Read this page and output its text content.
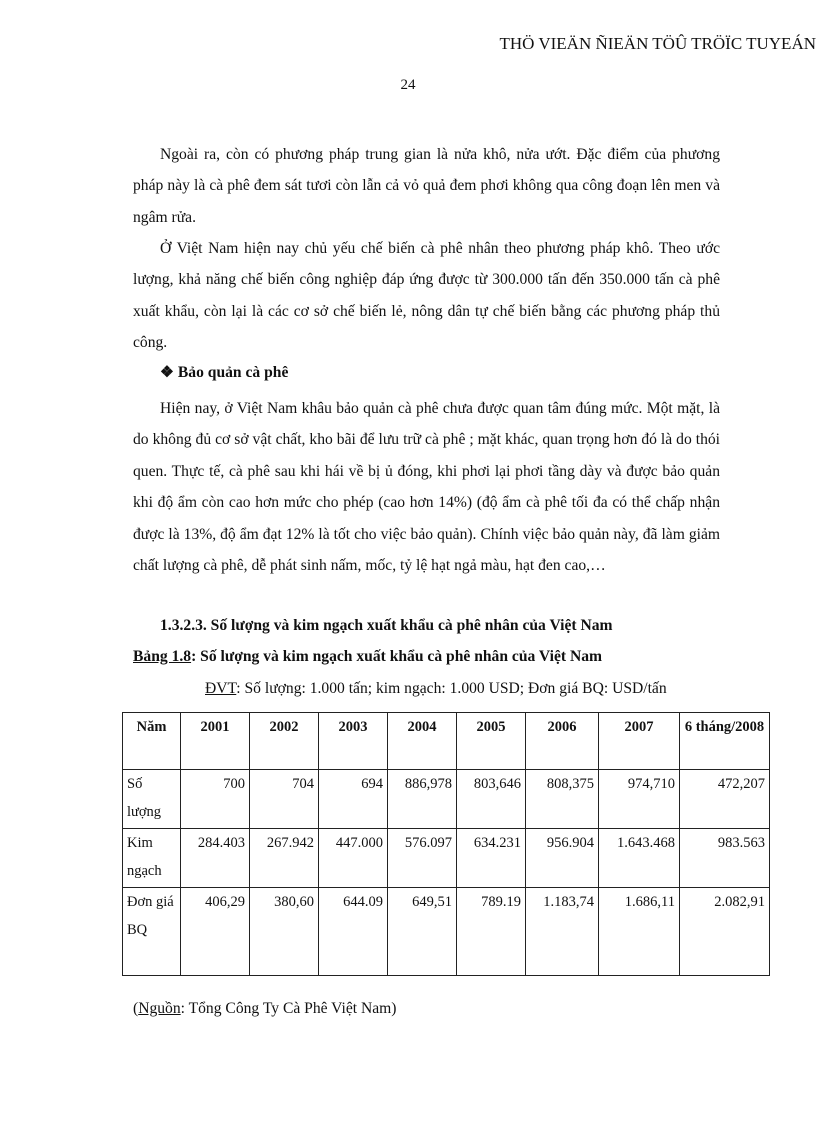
THÖ VIEÄN ÑIEÄN TÖÛ TRÖÏC TUYEÁN
24

Ngoài ra, còn có phương pháp trung gian là nửa khô, nửa ướt. Đặc điểm của phương pháp này là cà phê đem sát tươi còn lẫn cả vỏ quả đem phơi không qua công đoạn lên men và ngâm rửa.

Ở Việt Nam hiện nay chủ yếu chế biến cà phê nhân theo phương pháp khô. Theo ước lượng, khả năng chế biến công nghiệp đáp ứng được từ 300.000 tấn đến 350.000 tấn cà phê xuất khẩu, còn lại là các cơ sở chế biến lẻ, nông dân tự chế biến bằng các phương pháp thủ công.

❖ Bảo quản cà phê

Hiện nay, ở Việt Nam khâu bảo quản cà phê chưa được quan tâm đúng mức. Một mặt, là do không đủ cơ sở vật chất, kho bãi để lưu trữ cà phê ; mặt khác, quan trọng hơn đó là do thói quen. Thực tế, cà phê sau khi hái về bị ủ đóng, khi phơi lại phơi tầng dày và được bảo quản khi độ ẩm còn cao hơn mức cho phép (cao hơn 14%) (độ ẩm cà phê tối đa có thể chấp nhận được là 13%, độ ẩm đạt 12% là tốt cho việc bảo quản). Chính việc bảo quản này, đã làm giảm chất lượng cà phê, dễ phát sinh nấm, mốc, tỷ lệ hạt ngả màu, hạt đen cao,…

1.3.2.3. Số lượng và kim ngạch xuất khẩu cà phê nhân của Việt Nam
Bảng 1.8: Số lượng và kim ngạch xuất khẩu cà phê nhân của Việt Nam
ĐVT: Số lượng: 1.000 tấn; kim ngạch: 1.000 USD; Đơn giá BQ: USD/tấn
Năm	2001	2002	2003	2004	2005	2006	2007	6 tháng/2008
Số lượng	700	704	694	886,978	803,646	808,375	974,710	472,207
Kim ngạch	284.403	267.942	447.000	576.097	634.231	956.904	1.643.468	983.563
Đơn giá BQ	406,29	380,60	644.09	649,51	789.19	1.183,74	1.686,11	2.082,91
(Nguồn: Tổng Công Ty Cà Phê Việt Nam)
